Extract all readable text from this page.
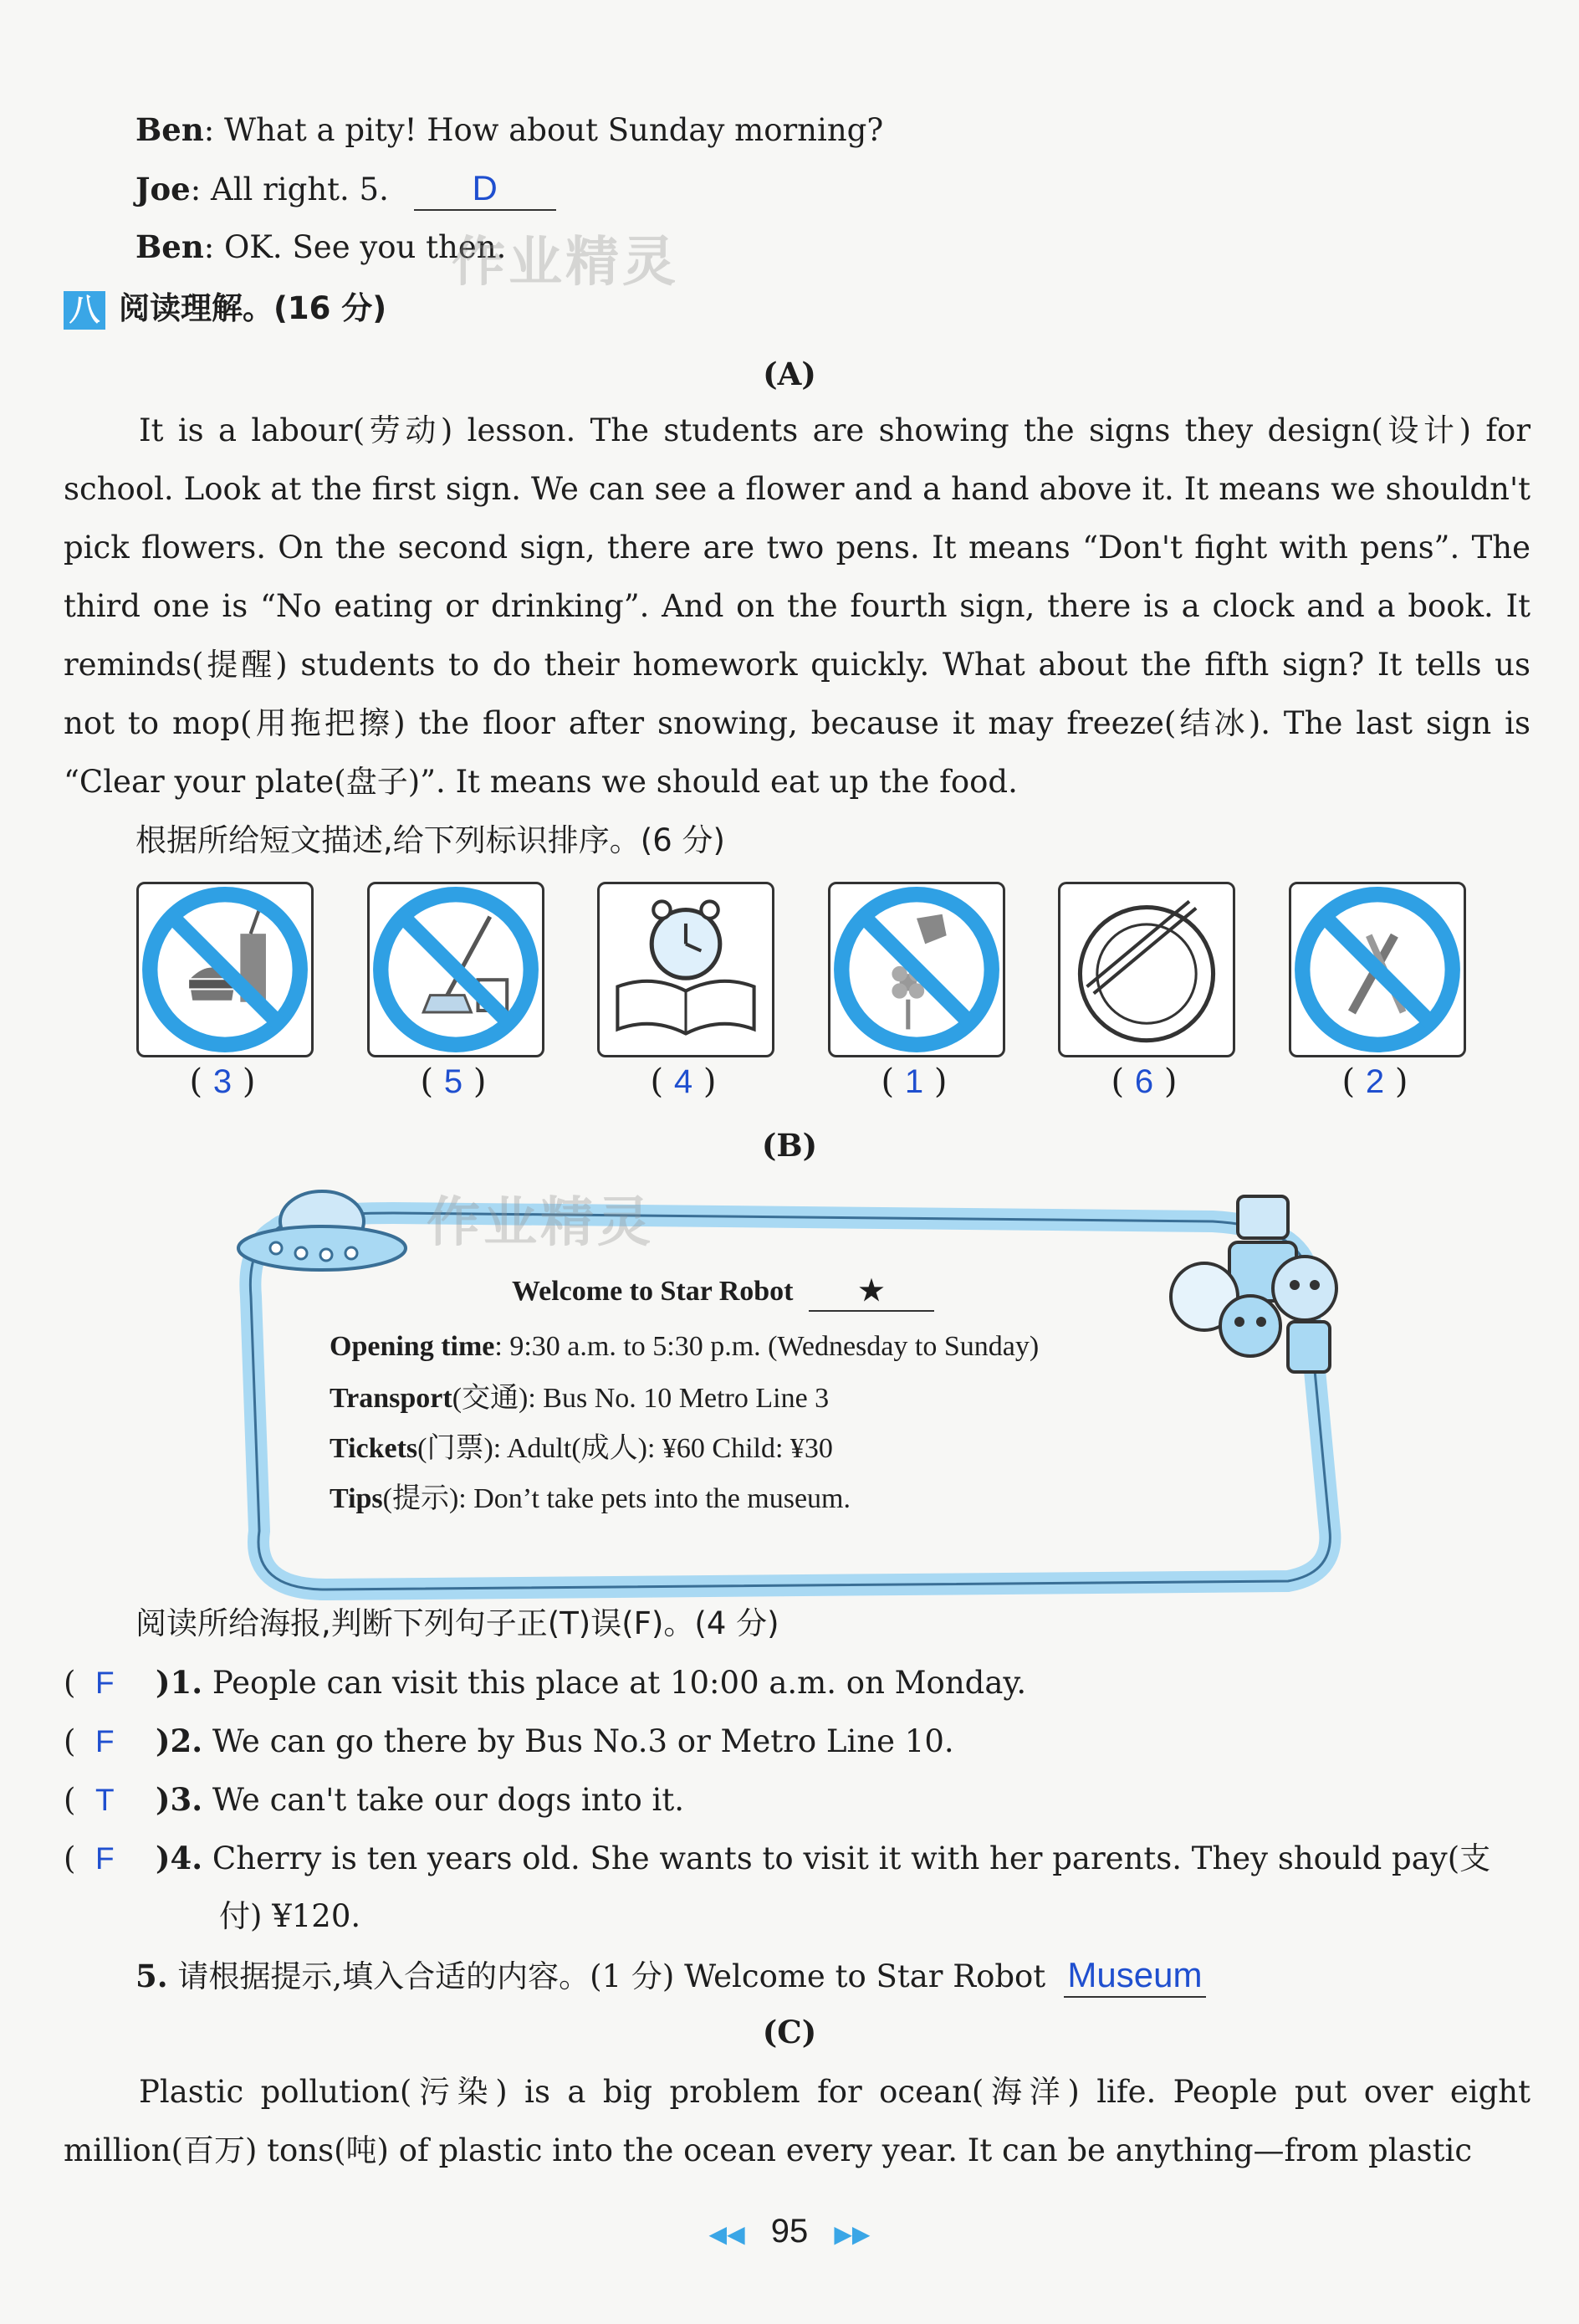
Ben: What a pity! How about Sunday morning?
Joe: All right. 5. D
Ben: OK. See you then.
作业精灵
八 阅读理解。(16 分)
(A)

It is a labour(劳动) lesson. The students are showing the signs they design(设计) for school. Look at the first sign. We can see a flower and a hand above it. It means we shouldn't pick flowers. On the second sign, there are two pens. It means “Don't fight with pens”. The third one is “No eating or drinking”. And on the fourth sign, there is a clock and a book. It reminds(提醒) students to do their homework quickly. What about the fifth sign? It tells us not to mop(用拖把擦) the floor after snowing, because it may freeze(结冰). The last sign is “Clear your plate(盘子)”. It means we should eat up the food.

根据所给短文描述,给下列标识排序。(6 分)
( 3 )	( 5 )	( 4 )	( 1 )	( 6 )	( 2 )
(B)
作业精灵
Welcome to Star Robot ★
Opening time: 9:30 a.m. to 5:30 p.m. (Wednesday to Sunday)
Transport(交通): Bus No. 10 Metro Line 3
Tickets(门票): Adult(成人): ¥60 Child: ¥30
Tips(提示): Don’t take pets into the museum.
阅读所给海报,判断下列句子正(T)误(F)。(4 分)
(  F )1. People can visit this place at 10:00 a.m. on Monday.
(  F )2. We can go there by Bus No.3 or Metro Line 10.
(  T )3. We can't take our dogs into it.
(  F )4. Cherry is ten years old. She wants to visit it with her parents. They should pay(支
付) ¥120.
5. 请根据提示,填入合适的内容。(1 分) Welcome to Star Robot Museum
(C)

Plastic pollution(污染) is a big problem for ocean(海洋) life. People put over eight million(百万) tons(吨) of plastic into the ocean every year. It can be anything—from plastic

◀◀ 95 ▶▶
